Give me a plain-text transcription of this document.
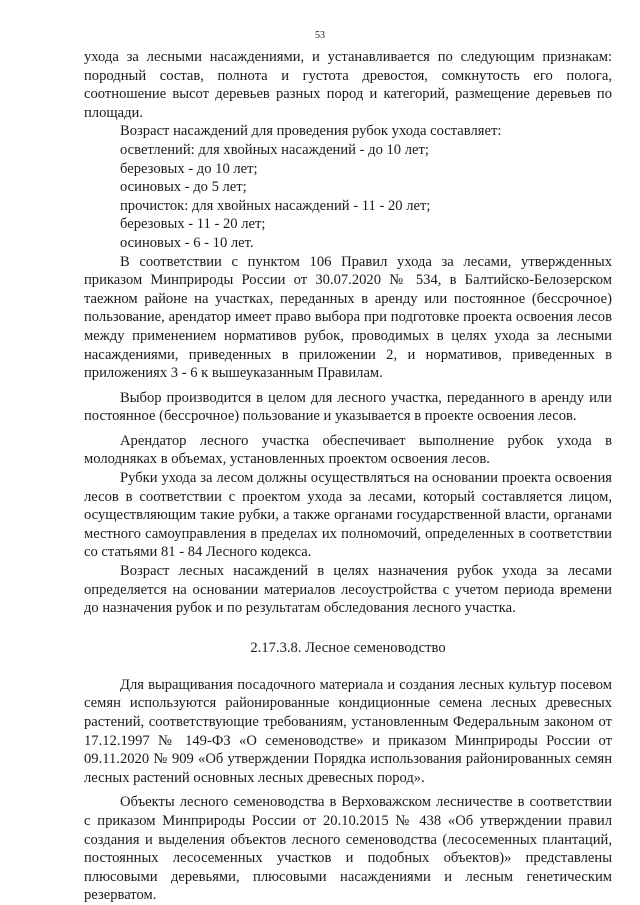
53

ухода за лесными насаждениями, и устанавливается по следующим признакам: породный состав, полнота и густота древостоя, сомкнутость его полога, соотношение высот деревьев разных пород и категорий, размещение деревьев по площади.

Возраст насаждений для проведения рубок ухода составляет:

осветлений: для хвойных насаждений - до 10 лет;

березовых - до 10 лет;

осиновых - до 5 лет;

прочисток: для хвойных насаждений - 11 - 20 лет;

березовых - 11 - 20 лет;

осиновых - 6 - 10 лет.

В соответствии с пунктом 106 Правил ухода за лесами, утвержденных приказом Минприроды России от 30.07.2020 № 534, в Балтийско-Белозерском таежном районе на участках, переданных в аренду или постоянное (бессрочное) пользование, арендатор имеет право выбора при подготовке проекта освоения лесов между применением нормативов рубок, проводимых в целях ухода за лесными насаждениями, приведенных в приложении 2, и нормативов, приведенных в приложениях 3 - 6 к вышеуказанным Правилам.

Выбор производится в целом для лесного участка, переданного в аренду или постоянное (бессрочное) пользование и указывается в проекте освоения лесов.

Арендатор лесного участка обеспечивает выполнение рубок ухода в молодняках в объемах, установленных проектом освоения лесов.

Рубки ухода за лесом должны осуществляться на основании проекта освоения лесов в соответствии с проектом ухода за лесами, который составляется лицом, осуществляющим такие рубки, а также органами государственной власти, органами местного самоуправления в пределах их полномочий, определенных в соответствии со статьями 81 - 84 Лесного кодекса.

Возраст лесных насаждений в целях назначения рубок ухода за лесами определяется на основании материалов лесоустройства с учетом периода времени до назначения рубок и по результатам обследования лесного участка.

2.17.3.8. Лесное семеноводство

Для выращивания посадочного материала и создания лесных культур посевом семян используются районированные кондиционные семена лесных древесных растений, соответствующие требованиям, установленным Федеральным законом от 17.12.1997 № 149-ФЗ «О семеноводстве» и приказом Минприроды России от 09.11.2020 № 909 «Об утверждении Порядка использования районированных семян лесных растений основных лесных древесных пород».

Объекты лесного семеноводства в Верховажском лесничестве в соответствии с приказом Минприроды России от 20.10.2015 № 438 «Об утверждении правил создания и выделения объектов лесного семеноводства (лесосеменных плантаций, постоянных лесосеменных участков и подобных объектов)» представлены плюсовыми деревьями, плюсовыми насаждениями и лесным генетическим резерватом.
